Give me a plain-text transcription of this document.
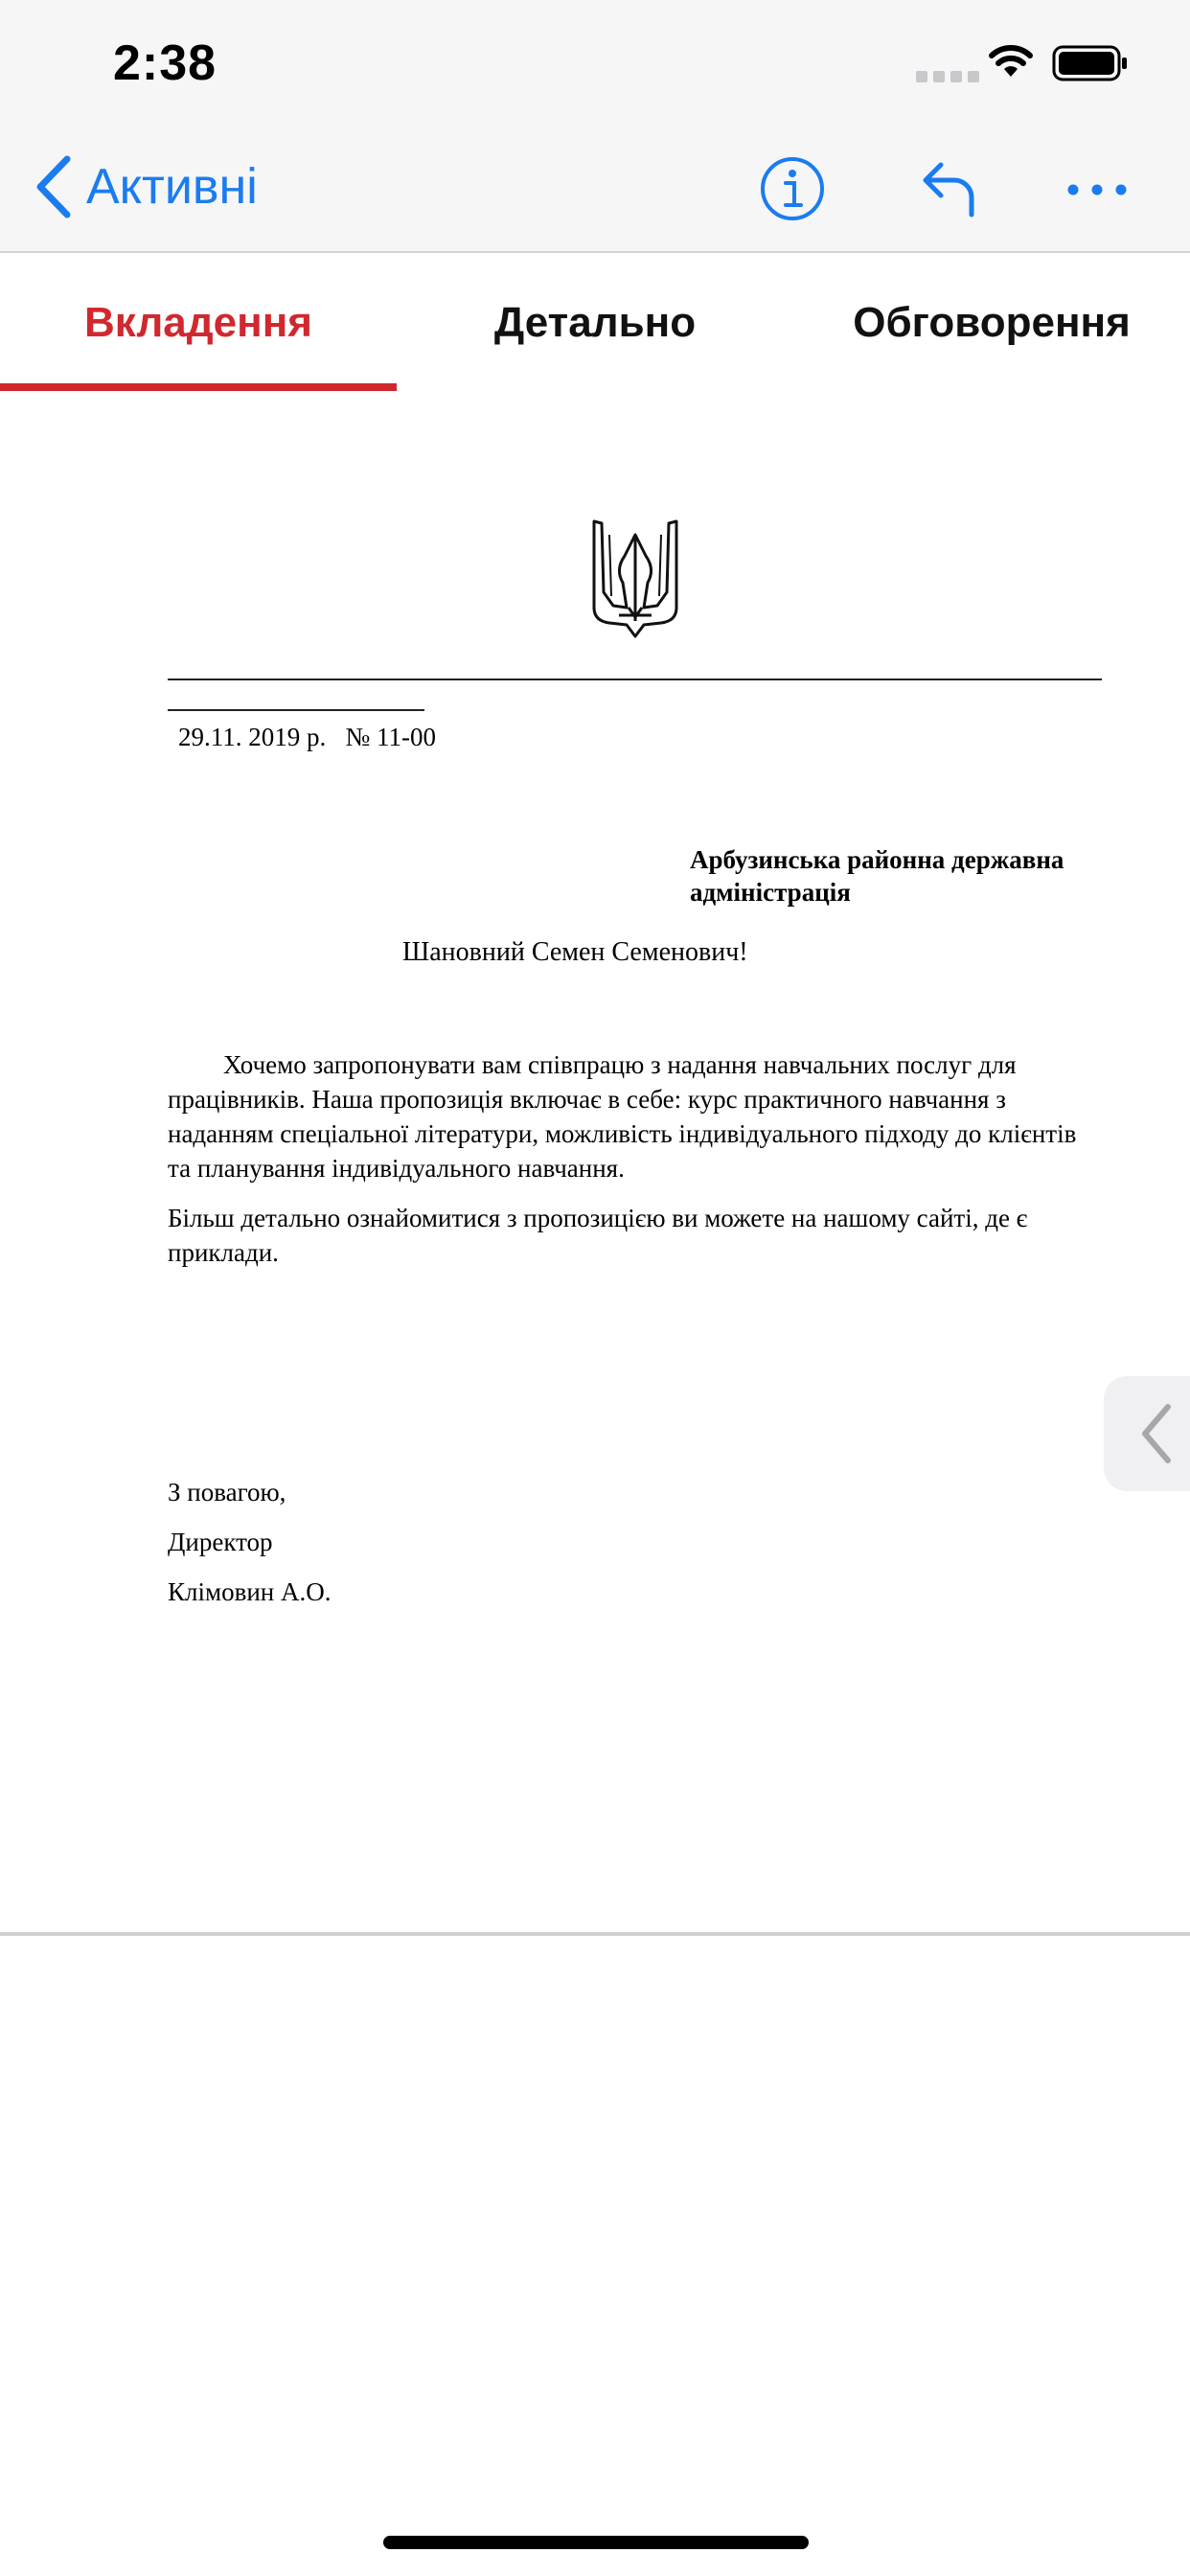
2:38
Активні
Вкладення	Детально	Обговорення
29.11. 2019 р.   № 11-00
Арбузинська районна державна адміністрація
Шановний Семен Семенович!
Хочемо запропонувати вам співпрацю з надання навчальних послуг для працівників. Наша пропозиція включає в себе: курс практичного навчання з наданням спеціальної літератури, можливість індивідуального підходу до клієнтів та планування індивідуального навчання.
Більш детально ознайомитися з пропозицією ви можете на нашому сайті, де є приклади.
З повагою,
Директор
Клімовин А.О.
